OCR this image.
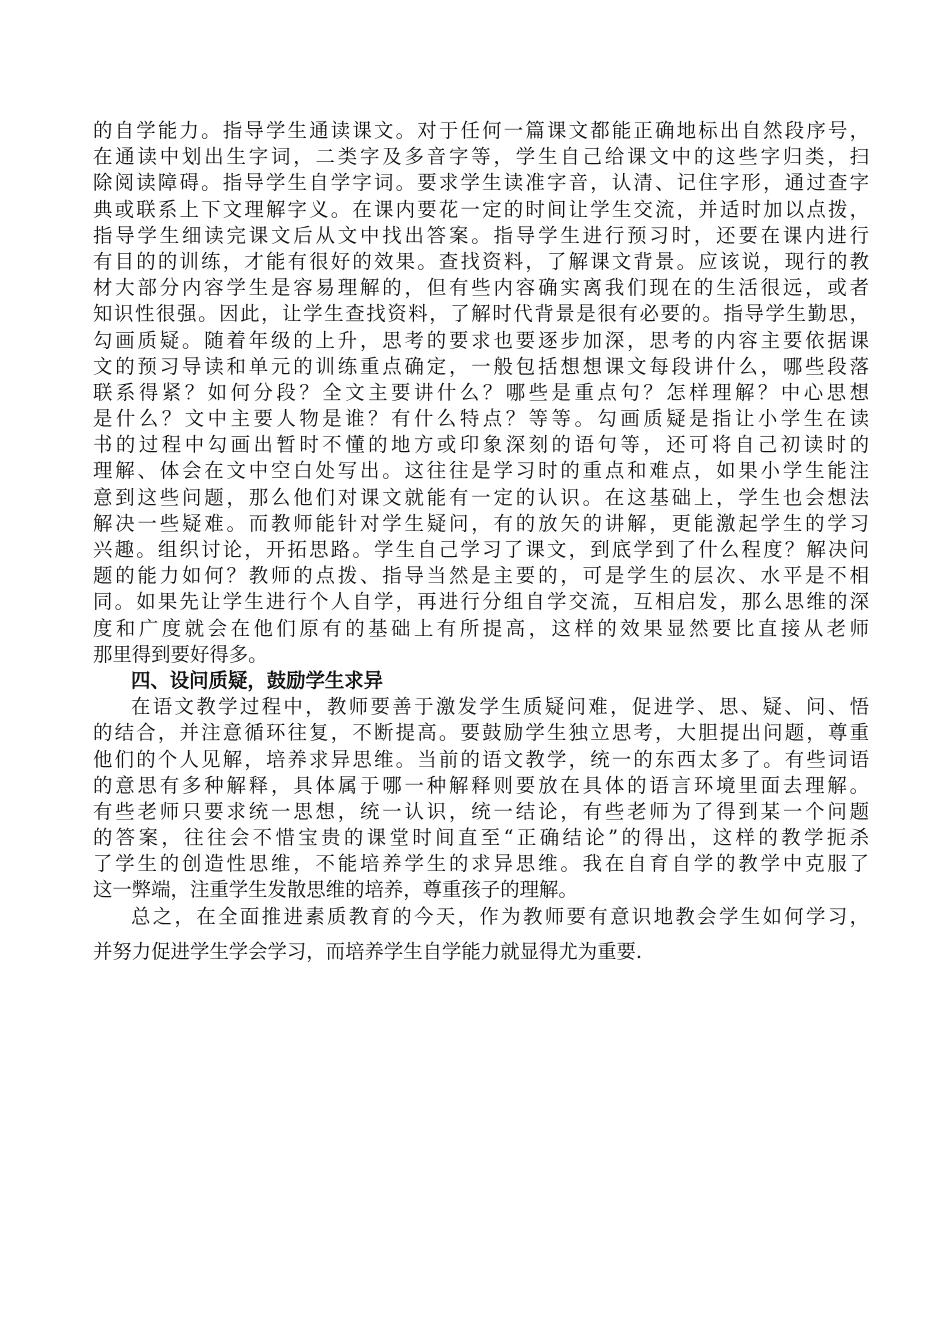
的自学能力。指导学生通读课文。对于任何一篇课文都能正确地标出自然段序号，
在通读中划出生字词，二类字及多音字等，学生自己给课文中的这些字归类，扫
除阅读障碍。指导学生自学字词。要求学生读准字音，认清、记住字形，通过查字
典或联系上下文理解字义。在课内要花一定的时间让学生交流，并适时加以点拨，
指导学生细读完课文后从文中找出答案。指导学生进行预习时，还要在课内进行
有目的的训练，才能有很好的效果。查找资料，了解课文背景。应该说，现行的教
材大部分内容学生是容易理解的，但有些内容确实离我们现在的生活很远，或者
知识性很强。因此，让学生查找资料，了解时代背景是很有必要的。指导学生勤思，
勾画质疑。随着年级的上升，思考的要求也要逐步加深，思考的内容主要依据课
文的预习导读和单元的训练重点确定，一般包括想想课文每段讲什么，哪些段落
联系得紧？如何分段？全文主要讲什么？哪些是重点句？怎样理解？中心思想
是什么？文中主要人物是谁？有什么特点？等等。勾画质疑是指让小学生在读
书的过程中勾画出暂时不懂的地方或印象深刻的语句等，还可将自己初读时的
理解、体会在文中空白处写出。这往往是学习时的重点和难点，如果小学生能注
意到这些问题，那么他们对课文就能有一定的认识。在这基础上，学生也会想法
解决一些疑难。而教师能针对学生疑问，有的放矢的讲解，更能激起学生的学习
兴趣。组织讨论，开拓思路。学生自己学习了课文，到底学到了什么程度？解决问
题的能力如何？教师的点拨、指导当然是主要的，可是学生的层次、水平是不相
同。如果先让学生进行个人自学，再进行分组自学交流，互相启发，那么思维的深
度和广度就会在他们原有的基础上有所提高，这样的效果显然要比直接从老师
那里得到要好得多。
四、设问质疑，鼓励学生求异
在语文教学过程中，教师要善于激发学生质疑问难，促进学、思、疑、问、悟
的结合，并注意循环往复，不断提高。要鼓励学生独立思考，大胆提出问题，尊重
他们的个人见解，培养求异思维。当前的语文教学，统一的东西太多了。有些词语
的意思有多种解释，具体属于哪一种解释则要放在具体的语言环境里面去理解。
有些老师只要求统一思想，统一认识，统一结论，有些老师为了得到某一个问题
的答案，往往会不惜宝贵的课堂时间直至“正确结论”的得出，这样的教学扼杀
了学生的创造性思维，不能培养学生的求异思维。我在自育自学的教学中克服了
这一弊端，注重学生发散思维的培养，尊重孩子的理解。
总之，在全面推进素质教育的今天，作为教师要有意识地教会学生如何学习，
并努力促进学生学会学习，而培养学生自学能力就显得尤为重要.
